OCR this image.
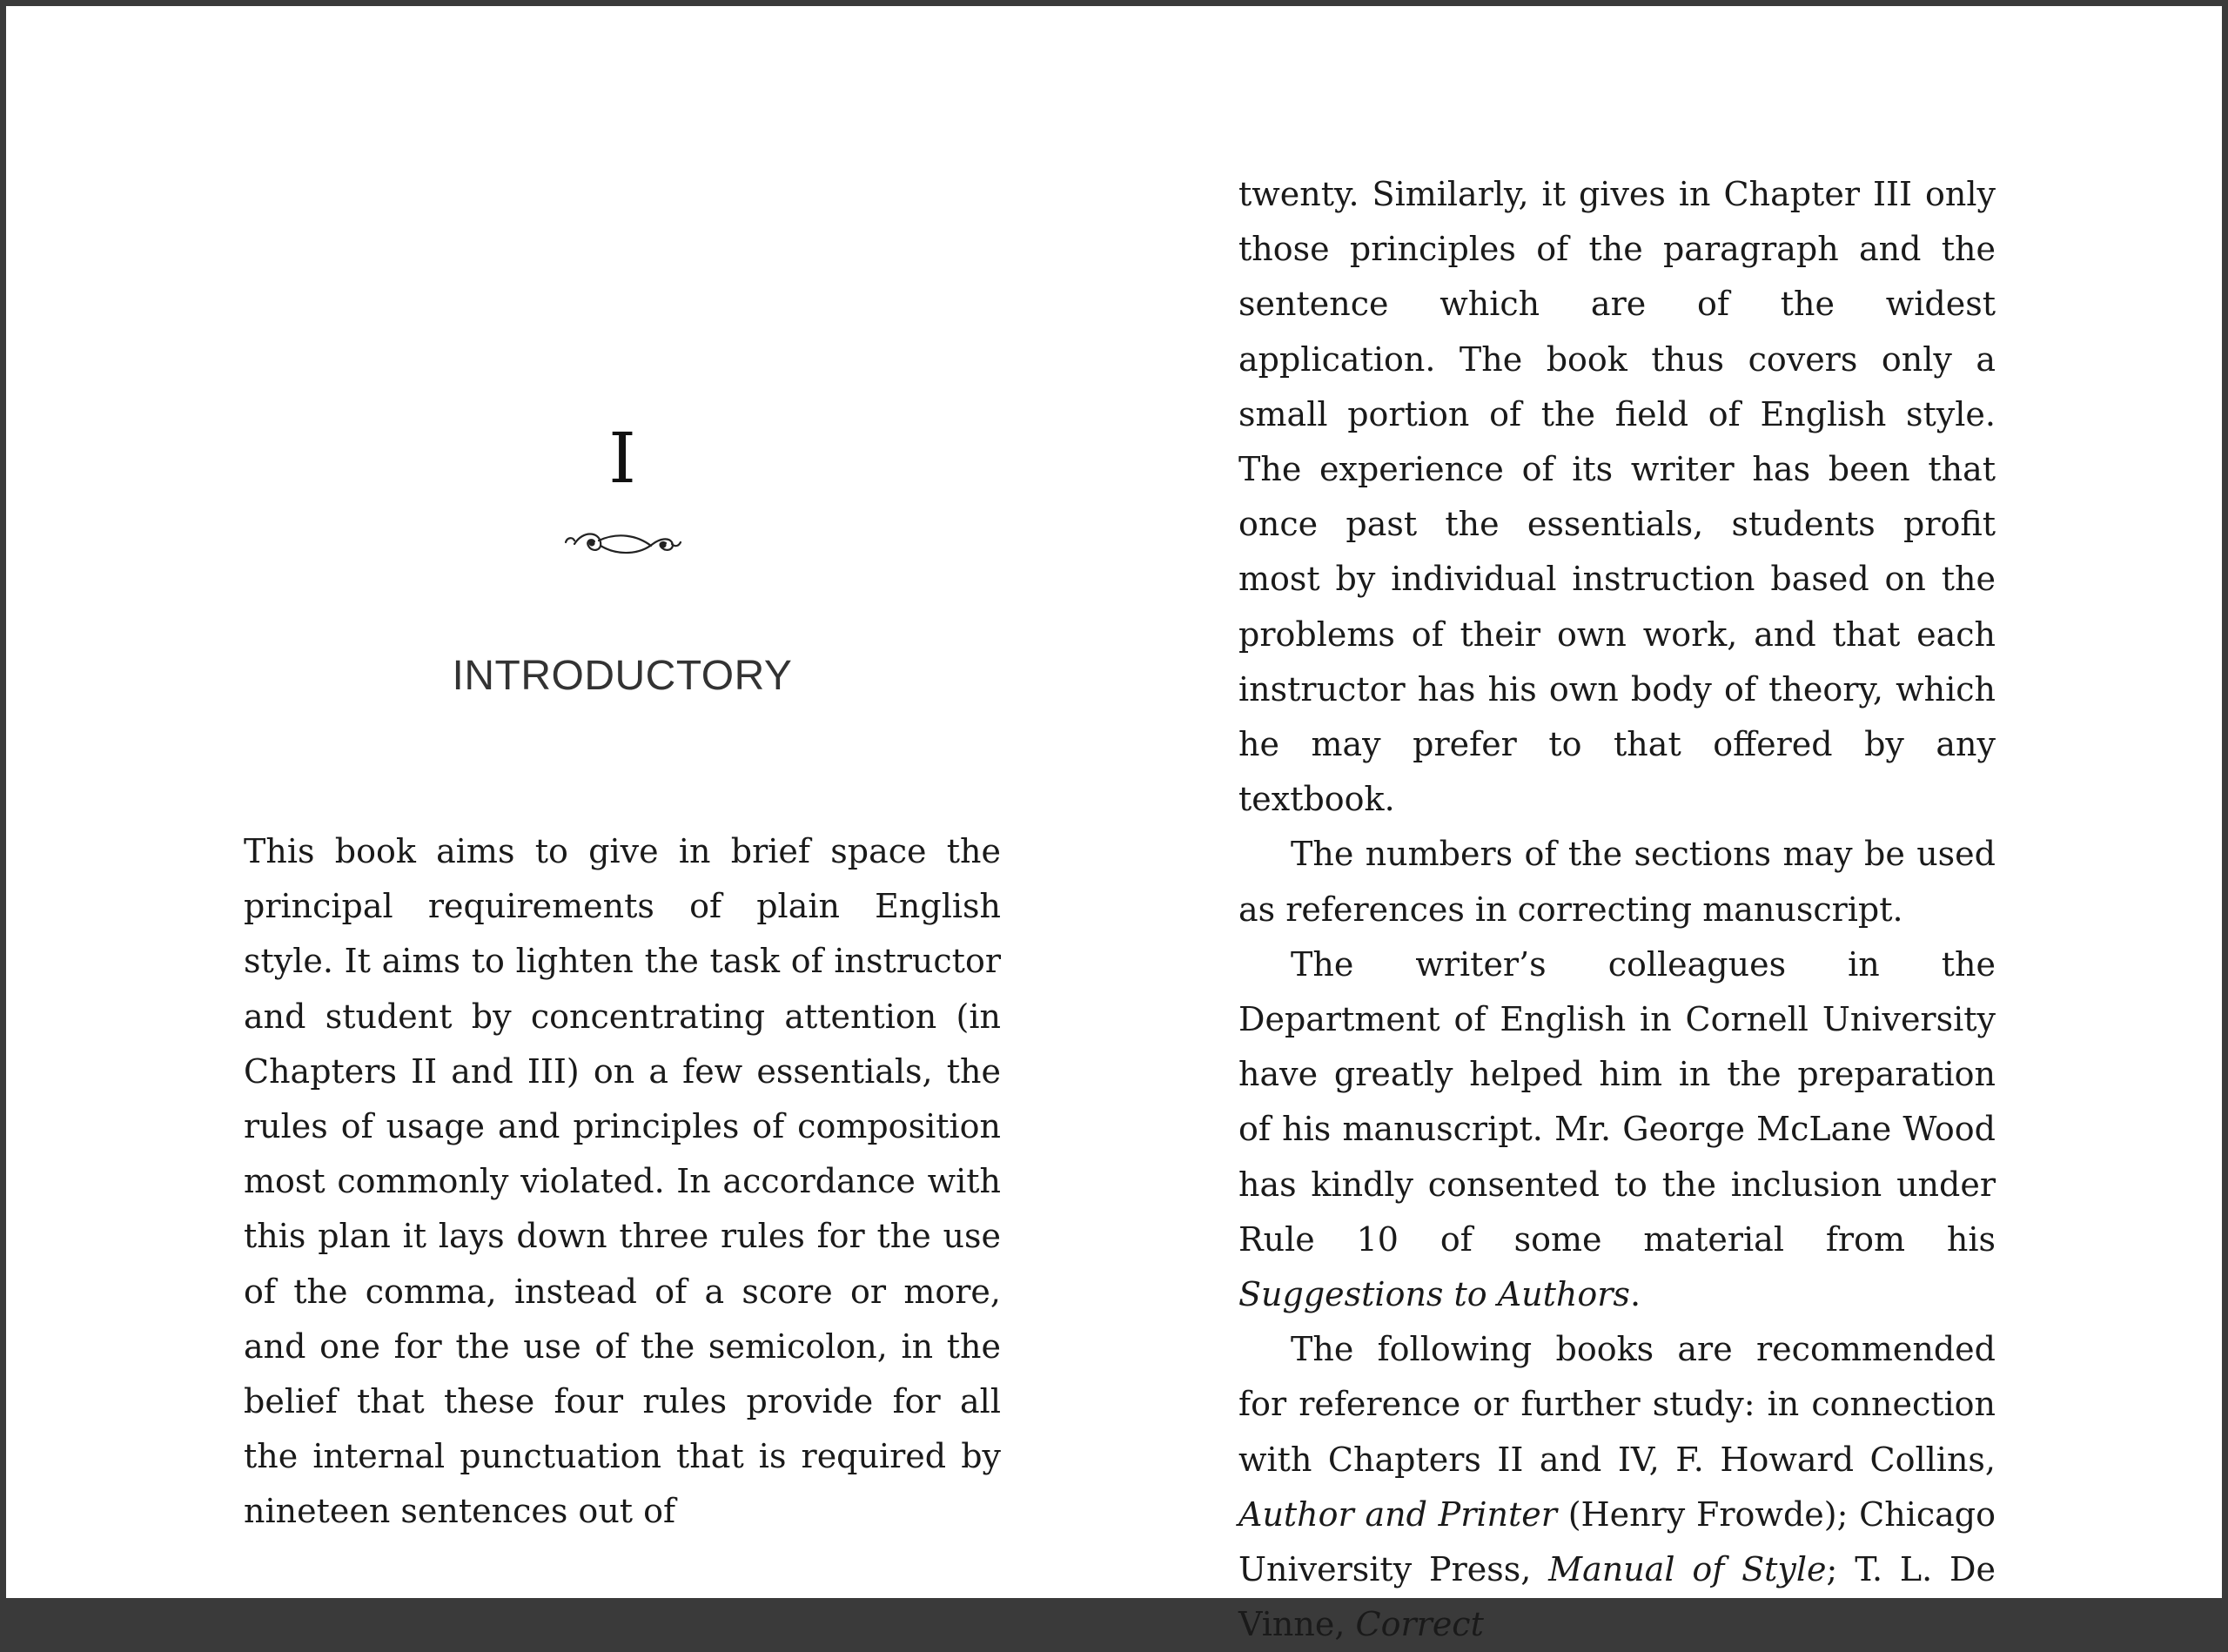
I
INTRODUCTORY

This book aims to give in brief space the principal requirements of plain English style. It aims to lighten the task of instructor and student by concentrating attention (in Chapters II and III) on a few essentials, the rules of usage and principles of composition most commonly violated. In accordance with this plan it lays down three rules for the use of the comma, instead of a score or more, and one for the use of the semicolon, in the belief that these four rules provide for all the internal punctuation that is required by nineteen sentences out of

twenty. Similarly, it gives in Chapter III only those principles of the paragraph and the sentence which are of the widest application. The book thus covers only a small portion of the field of English style. The experience of its writer has been that once past the essentials, students profit most by individual instruction based on the problems of their own work, and that each instructor has his own body of theory, which he may prefer to that offered by any textbook.

The numbers of the sections may be used as references in correcting manuscript.

The writer’s colleagues in the Department of English in Cornell University have greatly helped him in the preparation of his manuscript. Mr. George McLane Wood has kindly consented to the inclusion under Rule 10 of some material from his Suggestions to Authors.

The following books are recommended for reference or further study: in connection with Chapters II and IV, F. Howard Collins, Author and Printer (Henry Frowde); Chicago University Press, Manual of Style; T. L. De Vinne, Correct
